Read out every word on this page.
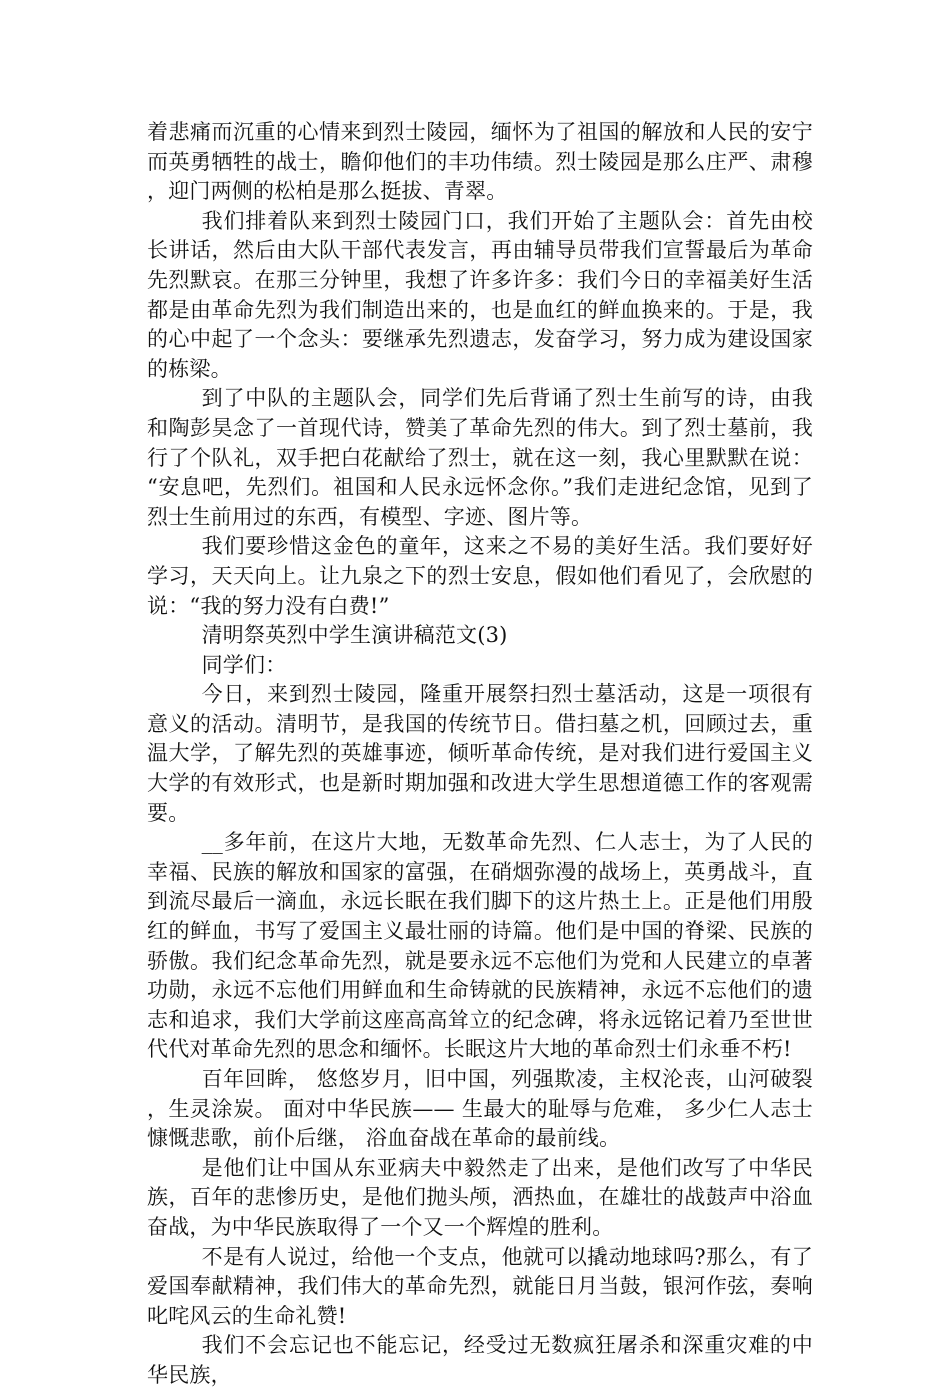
着悲痛而沉重的心情来到烈士陵园，缅怀为了祖国的解放和人民的安宁而英勇牺牲的战士，瞻仰他们的丰功伟绩。烈士陵园是那么庄严、肃穆，迎门两侧的松柏是那么挺拔、青翠。

我们排着队来到烈士陵园门口，我们开始了主题队会：首先由校长讲话，然后由大队干部代表发言，再由辅导员带我们宣誓最后为革命先烈默哀。在那三分钟里，我想了许多许多：我们今日的幸福美好生活都是由革命先烈为我们制造出来的，也是血红的鲜血换来的。于是，我的心中起了一个念头：要继承先烈遗志，发奋学习，努力成为建设国家的栋梁。

到了中队的主题队会，同学们先后背诵了烈士生前写的诗，由我和陶彭昊念了一首现代诗，赞美了革命先烈的伟大。到了烈士墓前，我行了个队礼，双手把白花献给了烈士，就在这一刻，我心里默默在说：“安息吧，先烈们。祖国和人民永远怀念你。”我们走进纪念馆，见到了烈士生前用过的东西，有模型、字迹、图片等。

我们要珍惜这金色的童年，这来之不易的美好生活。我们要好好学习，天天向上。让九泉之下的烈士安息，假如他们看见了，会欣慰的说：“我的努力没有白费!”

清明祭英烈中学生演讲稿范文(3)

同学们：

今日，来到烈士陵园，隆重开展祭扫烈士墓活动，这是一项很有意义的活动。清明节，是我国的传统节日。借扫墓之机，回顾过去，重温大学，了解先烈的英雄事迹，倾听革命传统，是对我们进行爱国主义大学的有效形式，也是新时期加强和改进大学生思想道德工作的客观需要。

__多年前，在这片大地，无数革命先烈、仁人志士，为了人民的幸福、民族的解放和国家的富强，在硝烟弥漫的战场上，英勇战斗，直到流尽最后一滴血，永远长眠在我们脚下的这片热土上。正是他们用殷红的鲜血，书写了爱国主义最壮丽的诗篇。他们是中国的脊梁、民族的骄傲。我们纪念革命先烈，就是要永远不忘他们为党和人民建立的卓著功勋，永远不忘他们用鲜血和生命铸就的民族精神，永远不忘他们的遗志和追求，我们大学前这座高高耸立的纪念碑，将永远铭记着乃至世世代代对革命先烈的思念和缅怀。长眠这片大地的革命烈士们永垂不朽!

百年回眸， 悠悠岁月，旧中国，列强欺凌，主权沦丧，山河破裂，生灵涂炭。 面对中华民族—— 生最大的耻辱与危难， 多少仁人志士慷慨悲歌，前仆后继， 浴血奋战在革命的最前线。

是他们让中国从东亚病夫中毅然走了出来，是他们改写了中华民族，百年的悲惨历史，是他们抛头颅，洒热血，在雄壮的战鼓声中浴血奋战，为中华民族取得了一个又一个辉煌的胜利。

不是有人说过，给他一个支点，他就可以撬动地球吗?那么，有了爱国奉献精神，我们伟大的革命先烈，就能日月当鼓，银河作弦，奏响叱咤风云的生命礼赞!

我们不会忘记也不能忘记，经受过无数疯狂屠杀和深重灾难的中华民族，
